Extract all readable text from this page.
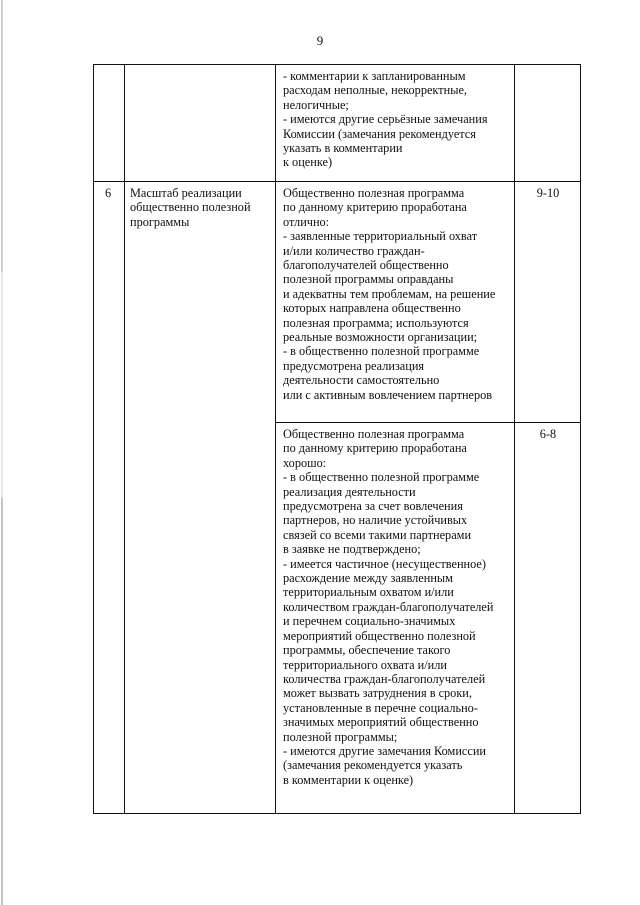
9
- комментарии к запланированным
расходам неполные, некорректные,
нелогичные;
- имеются другие серьёзные замечания
Комиссии (замечания рекомендуется
указать в комментарии
к оценке)
6	Масштаб реализации
общественно полезной
программы
Общественно полезная программа
по данному критерию проработана
отлично:
- заявленные территориальный охват
и/или количество граждан-
благополучателей общественно
полезной программы оправданы
и адекватны тем проблемам, на решение
которых направлена общественно
полезная программа; используются
реальные возможности организации;
- в общественно полезной программе
предусмотрена реализация
деятельности самостоятельно
или с активным вовлечением партнеров
9-10
Общественно полезная программа
по данному критерию проработана
хорошо:
- в общественно полезной программе
реализация деятельности
предусмотрена за счет вовлечения
партнеров, но наличие устойчивых
связей со всеми такими партнерами
в заявке не подтверждено;
- имеется частичное (несущественное)
расхождение между заявленным
территориальным охватом и/или
количеством граждан-благополучателей
и перечнем социально-значимых
мероприятий общественно полезной
программы, обеспечение такого
территориального охвата и/или
количества граждан-благополучателей
может вызвать затруднения в сроки,
установленные в перечне социально-
значимых мероприятий общественно
полезной программы;
- имеются другие замечания Комиссии
(замечания рекомендуется указать
в комментарии к оценке)
6-8
